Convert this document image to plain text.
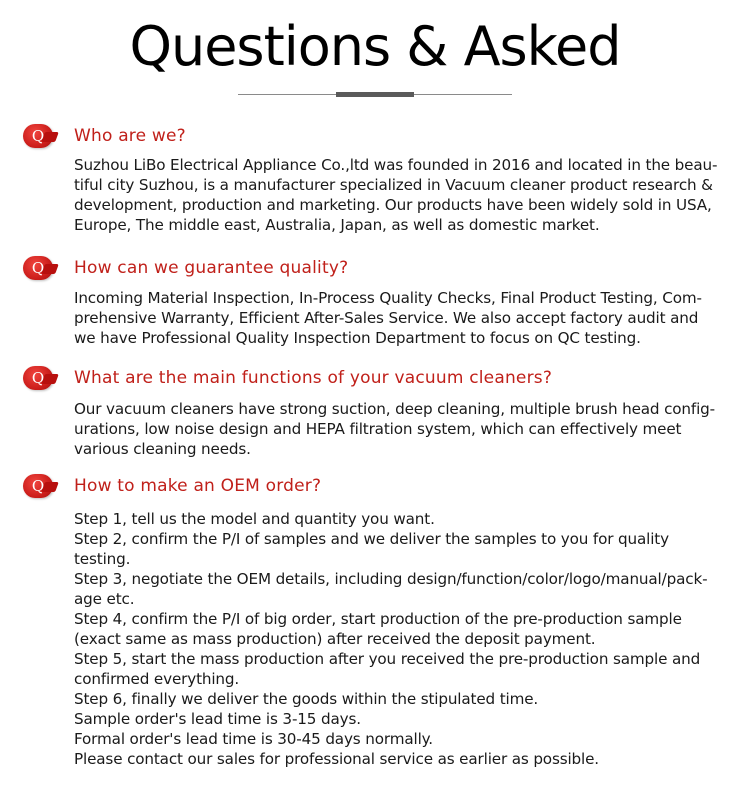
Questions & Asked
Q	Who are we?
Suzhou LiBo Electrical Appliance Co.,ltd was founded in 2016 and located in the beau-
tiful city Suzhou, is a manufacturer specialized in Vacuum cleaner product research &
development, production and marketing. Our products have been widely sold in USA,
Europe, The middle east, Australia, Japan, as well as domestic market.
Q	How can we guarantee quality?
Incoming Material Inspection, In-Process Quality Checks, Final Product Testing, Com-
prehensive Warranty, Efficient After-Sales Service. We also accept factory audit and
we have Professional Quality Inspection Department to focus on QC testing.
Q	What are the main functions of your vacuum cleaners?
Our vacuum cleaners have strong suction, deep cleaning, multiple brush head config-
urations, low noise design and HEPA filtration system, which can effectively meet
various cleaning needs.
Q	How to make an OEM order?
Step 1, tell us the model and quantity you want.
Step 2, confirm the P/I of samples and we deliver the samples to you for quality
testing.
Step 3, negotiate the OEM details, including design/function/color/logo/manual/pack-
age etc.
Step 4, confirm the P/I of big order, start production of the pre-production sample
(exact same as mass production) after received the deposit payment.
Step 5, start the mass production after you received the pre-production sample and
confirmed everything.
Step 6, finally we deliver the goods within the stipulated time.
Sample order's lead time is 3-15 days.
Formal order's lead time is 30-45 days normally.
Please contact our sales for professional service as earlier as possible.
